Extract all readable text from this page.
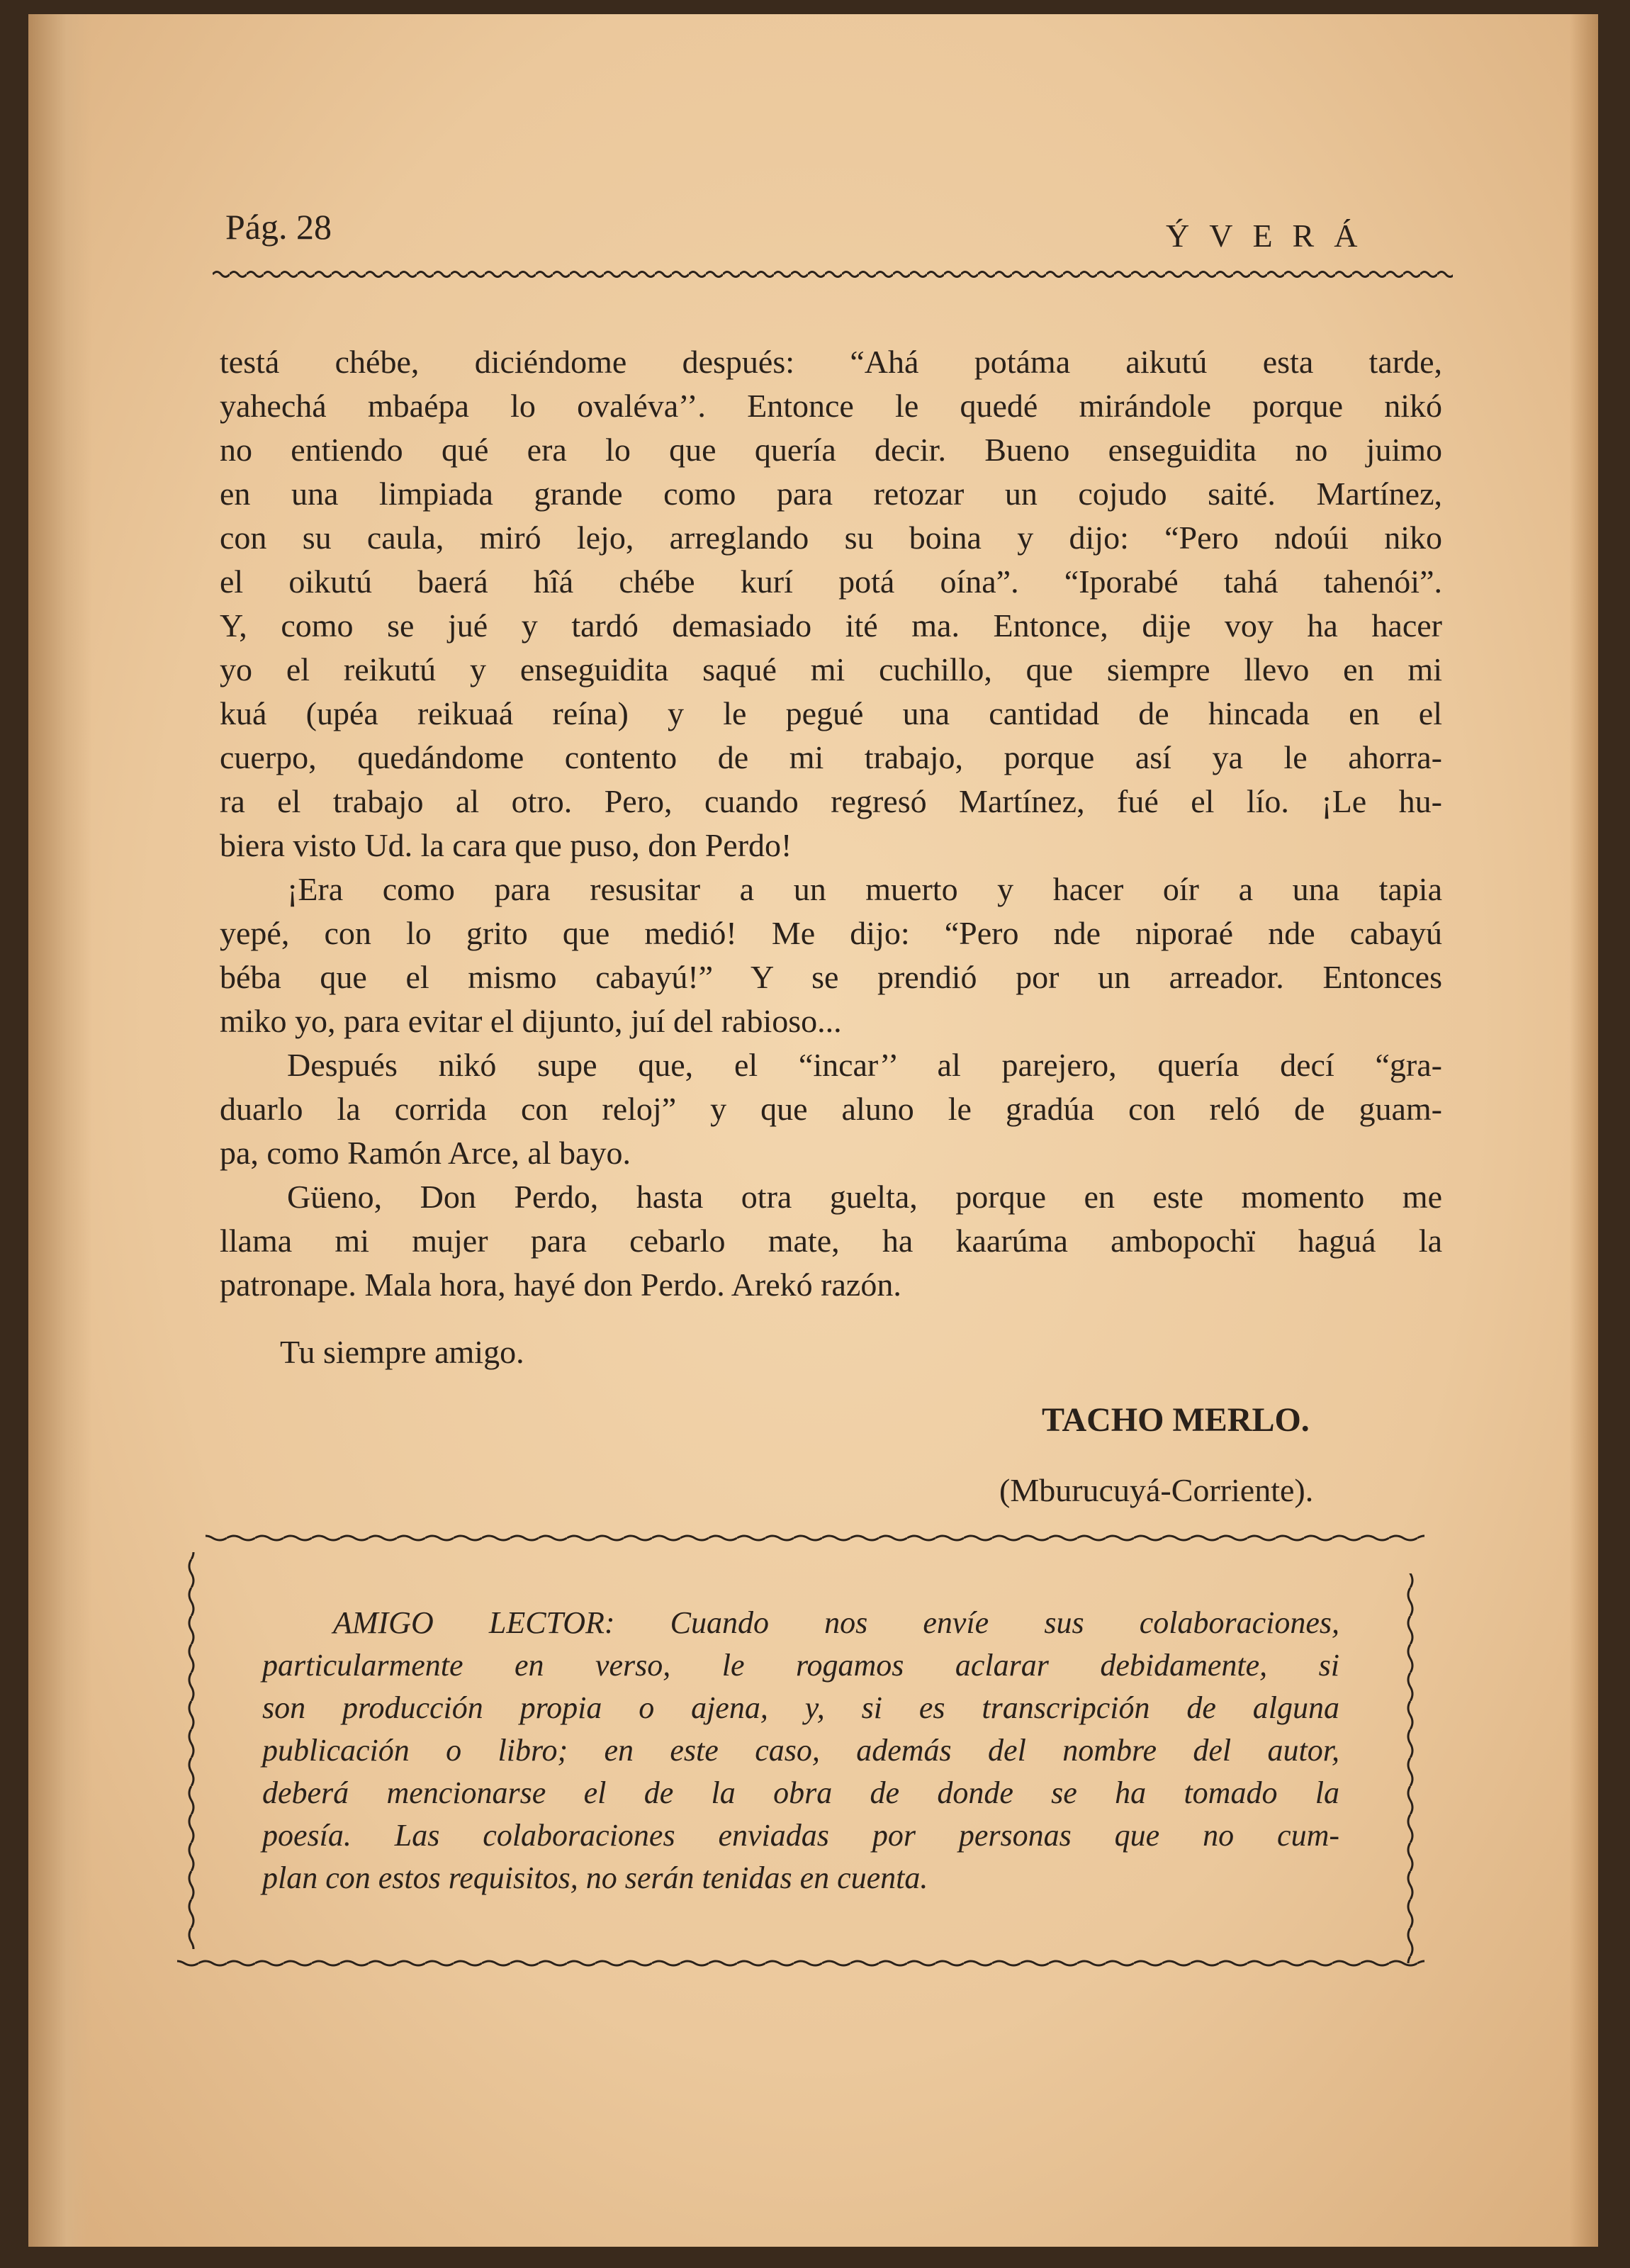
Pág. 28	ÝVERÁ
testá chébe, diciéndome después: “Ahá potáma aikutú esta tarde,
yahechá mbaépa lo ovaléva’’. Entonce le quedé mirándole porque nikó
no entiendo qué era lo que quería decir. Bueno enseguidita no juimo
en una limpiada grande como para retozar un cojudo saité. Martínez,
con su caula, miró lejo, arreglando su boina y dijo: “Pero ndoúi niko
el oikutú baerá hîá chébe kurí potá oína”. “Iporabé tahá tahenói”.
Y, como se jué y tardó demasiado ité ma. Entonce, dije voy ha hacer
yo el reikutú y enseguidita saqué mi cuchillo, que siempre llevo en mi
kuá (upéa reikuaá reína) y le pegué una cantidad de hincada en el
cuerpo, quedándome contento de mi trabajo, porque así ya le ahorra-
ra el trabajo al otro. Pero, cuando regresó Martínez, fué el lío. ¡Le hu-
biera visto Ud. la cara que puso, don Perdo!
¡Era como para resusitar a un muerto y hacer oír a una tapia
yepé, con lo grito que medió! Me dijo: “Pero nde niporaé nde cabayú
béba que el mismo cabayú!” Y se prendió por un arreador. Entonces
miko yo, para evitar el dijunto, juí del rabioso...
Después nikó supe que, el “incar’’ al parejero, quería decí “gra-
duarlo la corrida con reloj” y que aluno le gradúa con reló de guam-
pa, como Ramón Arce, al bayo.
Güeno, Don Perdo, hasta otra guelta, porque en este momento me
llama mi mujer para cebarlo mate, ha kaarúma ambopochï haguá la
patronape. Mala hora, hayé don Perdo. Arekó razón.
Tu siempre amigo.
TACHO MERLO.
(Mburucuyá-Corriente).
AMIGO LECTOR: Cuando nos envíe sus colaboraciones,
particularmente en verso, le rogamos aclarar debidamente, si
son producción propia o ajena, y, si es transcripción de alguna
publicación o libro; en este caso, además del nombre del autor,
deberá mencionarse el de la obra de donde se ha tomado la
poesía. Las colaboraciones enviadas por personas que no cum-
plan con estos requisitos, no serán tenidas en cuenta.
